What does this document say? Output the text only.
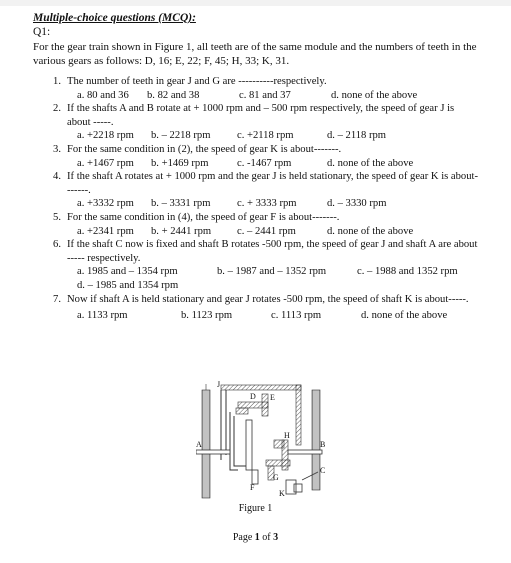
Multiple-choice questions (MCQ):
Q1:
For the gear train shown in Figure 1, all teeth are of the same module and the numbers of teeth in the various gears as follows: D, 16; E, 22; F, 45; H, 33; K, 31.
1. The number of teeth in gear J and G are ----------respectively.
a. 80 and 36	b. 82 and 38	c. 81 and 37	d. none of the above
2. If the shafts A and B rotate at + 1000 rpm and – 500 rpm respectively, the speed of gear J is about -----.
a. +2218 rpm	b. – 2218 rpm	c. +2118 rpm	d. – 2118 rpm
3. For the same condition in (2), the speed of gear K is about-------.
a. +1467 rpm	b. +1469 rpm	c. -1467 rpm	d. none of the above
4. If the shaft A rotates at + 1000 rpm and the gear J is held stationary, the speed of gear K is about-------.
a. +3332 rpm	b. – 3331 rpm	c. + 3333 rpm	d. – 3330 rpm
5. For the same condition in (4), the speed of gear F is about-------.
a. +2341 rpm	b. + 2441 rpm	c. – 2441 rpm	d. none of the above
6. If the shaft C now is fixed and shaft B rotates -500 rpm, the speed of gear J and shaft A are about ----- respectively.
a. 1985 and – 1354 rpm	b. – 1987 and – 1352 rpm	c. – 1988 and 1352 rpm
d. – 1985 and 1354 rpm
7. Now if shaft A is held stationary and gear J rotates -500 rpm, the speed of shaft K is about-----.
a. 1133 rpm	b. 1123 rpm	c. 1113 rpm	d. none of the above
J
D E
H
A	B
C
G
F
K
Figure 1
Page 1 of 3
